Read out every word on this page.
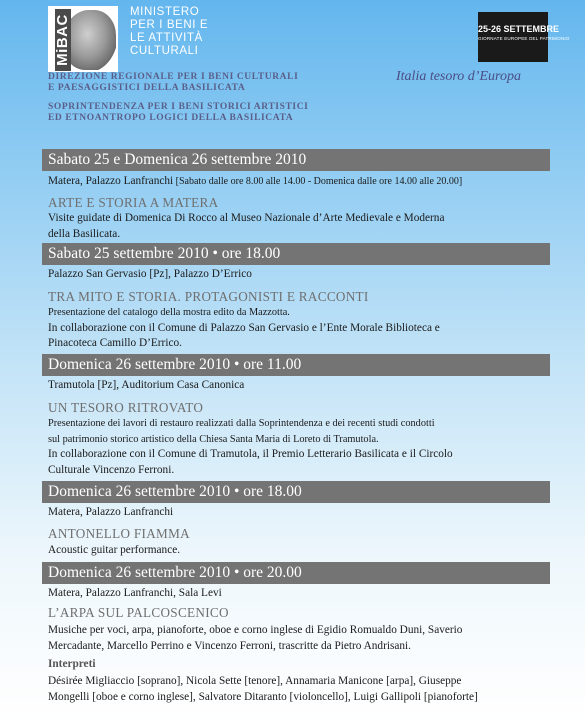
MiBAC
MINISTERO
PER I BENI E
LE ATTIVITÀ
CULTURALI
DIREZIONE REGIONALE PER I BENI CULTURALI
E PAESAGGISTICI DELLA BASILICATA
SOPRINTENDENZA PER I BENI STORICI ARTISTICI
ED ETNOANTROPO LOGICI DELLA BASILICATA
25-26 SETTEMBRE
GIORNATE EUROPEE DEL PATRIMONIO
Italia tesoro d’Europa
Sabato 25 e Domenica 26 settembre 2010
Matera, Palazzo Lanfranchi [Sabato dalle ore 8.00 alle 14.00 - Domenica dalle ore 14.00 alle 20.00]
ARTE E STORIA A MATERA
Visite guidate di Domenica Di Rocco al Museo Nazionale d’Arte Medievale e Moderna
della Basilicata.
Sabato 25 settembre 2010 • ore 18.00
Palazzo San Gervasio [Pz], Palazzo D’Errico
TRA MITO E STORIA. PROTAGONISTI E RACCONTI
Presentazione del catalogo della mostra edito da Mazzotta.
In collaborazione con il Comune di Palazzo San Gervasio e l’Ente Morale Biblioteca e
Pinacoteca Camillo D’Errico.
Domenica 26 settembre 2010 • ore 11.00
Tramutola [Pz], Auditorium Casa Canonica
UN TESORO RITROVATO
Presentazione dei lavori di restauro realizzati dalla Soprintendenza e dei recenti studi condotti
sul patrimonio storico artistico della Chiesa Santa Maria di Loreto di Tramutola.
In collaborazione con il Comune di Tramutola, il Premio Letterario Basilicata e il Circolo
Culturale Vincenzo Ferroni.
Domenica 26 settembre 2010 • ore 18.00
Matera, Palazzo Lanfranchi
ANTONELLO FIAMMA
Acoustic guitar performance.
Domenica 26 settembre 2010 • ore 20.00
Matera, Palazzo Lanfranchi, Sala Levi
L’ARPA SUL PALCOSCENICO
Musiche per voci, arpa, pianoforte, oboe e corno inglese di Egidio Romualdo Duni, Saverio
Mercadante, Marcello Perrino e Vincenzo Ferroni, trascritte da Pietro Andrisani.
Interpreti
Désirée Migliaccio [soprano], Nicola Sette [tenore], Annamaria Manicone [arpa], Giuseppe
Mongelli [oboe e corno inglese], Salvatore Ditaranto [violoncello], Luigi Gallipoli [pianoforte]
